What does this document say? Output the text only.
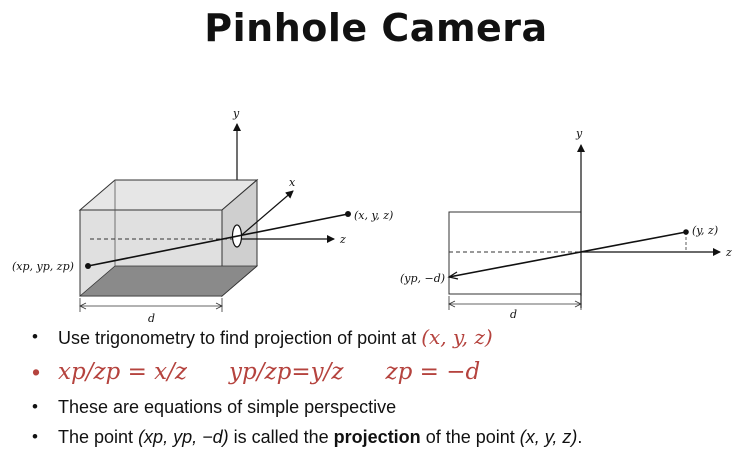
Pinhole Camera
y
x
z
(x, y, z)
(xp, yp, zp)
d
y
z
(y, z)
(yp, −d)
d
• Use trigonometry to find projection of point at (x, y, z)
• xp/zp = x/z yp/zp=y/z zp = −d
• These are equations of simple perspective
• The point (xp, yp, −d) is called the projection of the point (x, y, z).
